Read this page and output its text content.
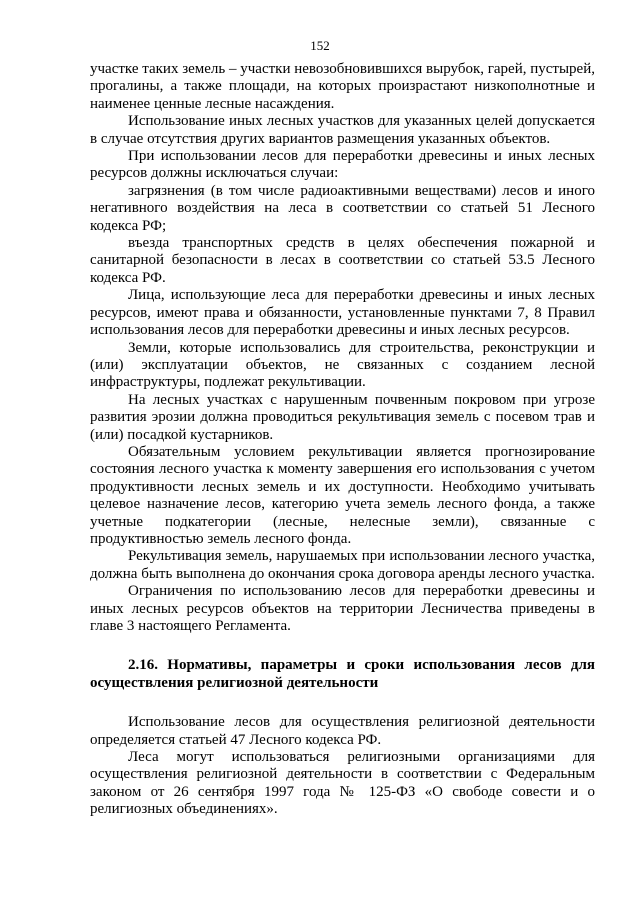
152

участке таких земель – участки невозобновившихся вырубок, гарей, пустырей, прогалины, а также площади, на которых произрастают низкополнотные и наименее ценные лесные насаждения.

Использование иных лесных участков для указанных целей допускается в случае отсутствия других вариантов размещения указанных объектов.

При использовании лесов для переработки древесины и иных лесных ресурсов должны исключаться случаи:

загрязнения (в том числе радиоактивными веществами) лесов и иного негативного воздействия на леса в соответствии со статьей 51 Лесного кодекса РФ;

въезда транспортных средств в целях обеспечения пожарной и санитарной безопасности в лесах в соответствии со статьей 53.5 Лесного кодекса РФ.

Лица, использующие леса для переработки древесины и иных лесных ресурсов, имеют права и обязанности, установленные пунктами 7, 8 Правил использования лесов для переработки древесины и иных лесных ресурсов.

Земли, которые использовались для строительства, реконструкции и (или) эксплуатации объектов, не связанных с созданием лесной инфраструктуры, подлежат рекультивации.

На лесных участках с нарушенным почвенным покровом при угрозе развития эрозии должна проводиться рекультивация земель с посевом трав и (или) посадкой кустарников.

Обязательным условием рекультивации является прогнозирование состояния лесного участка к моменту завершения его использования с учетом продуктивности лесных земель и их доступности. Необходимо учитывать целевое назначение лесов, категорию учета земель лесного фонда, а также учетные подкатегории (лесные, нелесные земли), связанные с продуктивностью земель лесного фонда.

Рекультивация земель, нарушаемых при использовании лесного участка, должна быть выполнена до окончания срока договора аренды лесного участка.

Ограничения по использованию лесов для переработки древесины и иных лесных ресурсов объектов на территории Лесничества приведены в главе 3 настоящего Регламента.

2.16. Нормативы, параметры и сроки использования лесов для осуществления религиозной деятельности

Использование лесов для осуществления религиозной деятельности определяется статьей 47 Лесного кодекса РФ.

Леса могут использоваться религиозными организациями для осуществления религиозной деятельности в соответствии с Федеральным законом от 26 сентября 1997 года № 125-ФЗ «О свободе совести и о религиозных объединениях».
